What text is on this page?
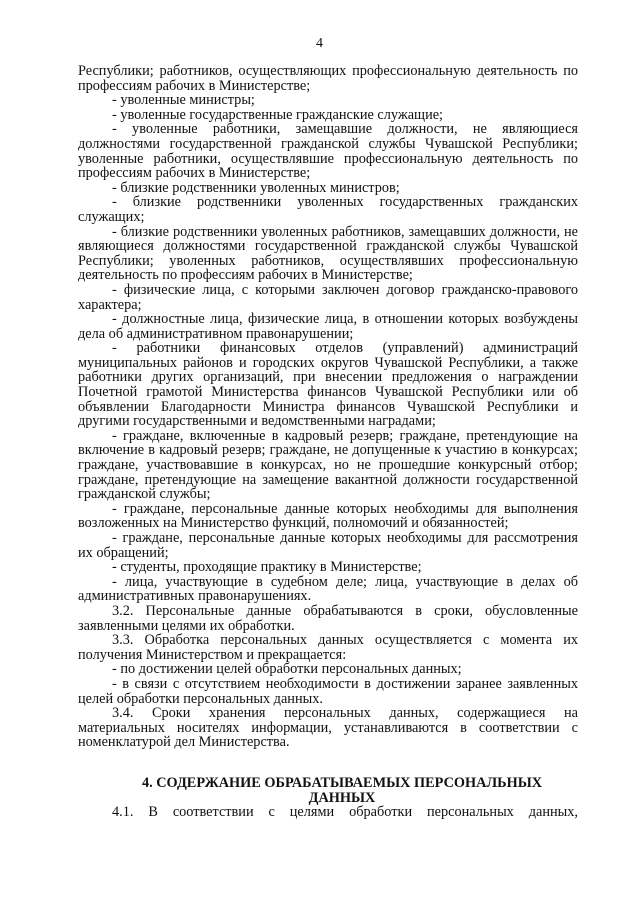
4

Республики; работников, осуществляющих профессиональную деятельность по профессиям рабочих в Министерстве;

- уволенные министры;

- уволенные государственные гражданские служащие;

- уволенные работники, замещавшие должности, не являющиеся должностями государственной гражданской службы Чувашской Республики; уволенные работники, осуществлявшие профессиональную деятельность по профессиям рабочих в Министерстве;

- близкие родственники уволенных министров;

- близкие родственники уволенных государственных гражданских служащих;

- близкие родственники уволенных работников, замещавших должности, не являющиеся должностями государственной гражданской службы Чувашской Республики; уволенных работников, осуществлявших профессиональную деятельность по профессиям рабочих в Министерстве;

- физические лица, с которыми заключен договор гражданско-правового характера;

- должностные лица, физические лица, в отношении которых возбуждены дела об административном правонарушении;

- работники финансовых отделов (управлений) администраций муниципальных районов и городских округов Чувашской Республики, а также работники других организаций, при внесении предложения о награждении Почетной грамотой Министерства финансов Чувашской Республики или об объявлении Благодарности Министра финансов Чувашской Республики и другими государственными и ведомственными наградами;

- граждане, включенные в кадровый резерв; граждане, претендующие на включение в кадровый резерв; граждане, не допущенные к участию в конкурсах; граждане, участвовавшие в конкурсах, но не прошедшие конкурсный отбор; граждане, претендующие на замещение вакантной должности государственной гражданской службы;

- граждане, персональные данные которых необходимы для выполнения возложенных на Министерство функций, полномочий и обязанностей;

- граждане, персональные данные которых необходимы для рассмотрения их обращений;

- студенты, проходящие практику в Министерстве;

- лица, участвующие в судебном деле; лица, участвующие в делах об административных правонарушениях.

3.2. Персональные данные обрабатываются в сроки, обусловленные заявленными целями их обработки.

3.3. Обработка персональных данных осуществляется с момента их получения Министерством и прекращается:

- по достижении целей обработки персональных данных;

- в связи с отсутствием необходимости в достижении заранее заявленных целей обработки персональных данных.

3.4. Сроки хранения персональных данных, содержащиеся на материальных носителях информации, устанавливаются в соответствии с номенклатурой дел Министерства.

4. СОДЕРЖАНИЕ ОБРАБАТЫВАЕМЫХ ПЕРСОНАЛЬНЫХ

ДАННЫХ

4.1. В соответствии с целями обработки персональных данных,
